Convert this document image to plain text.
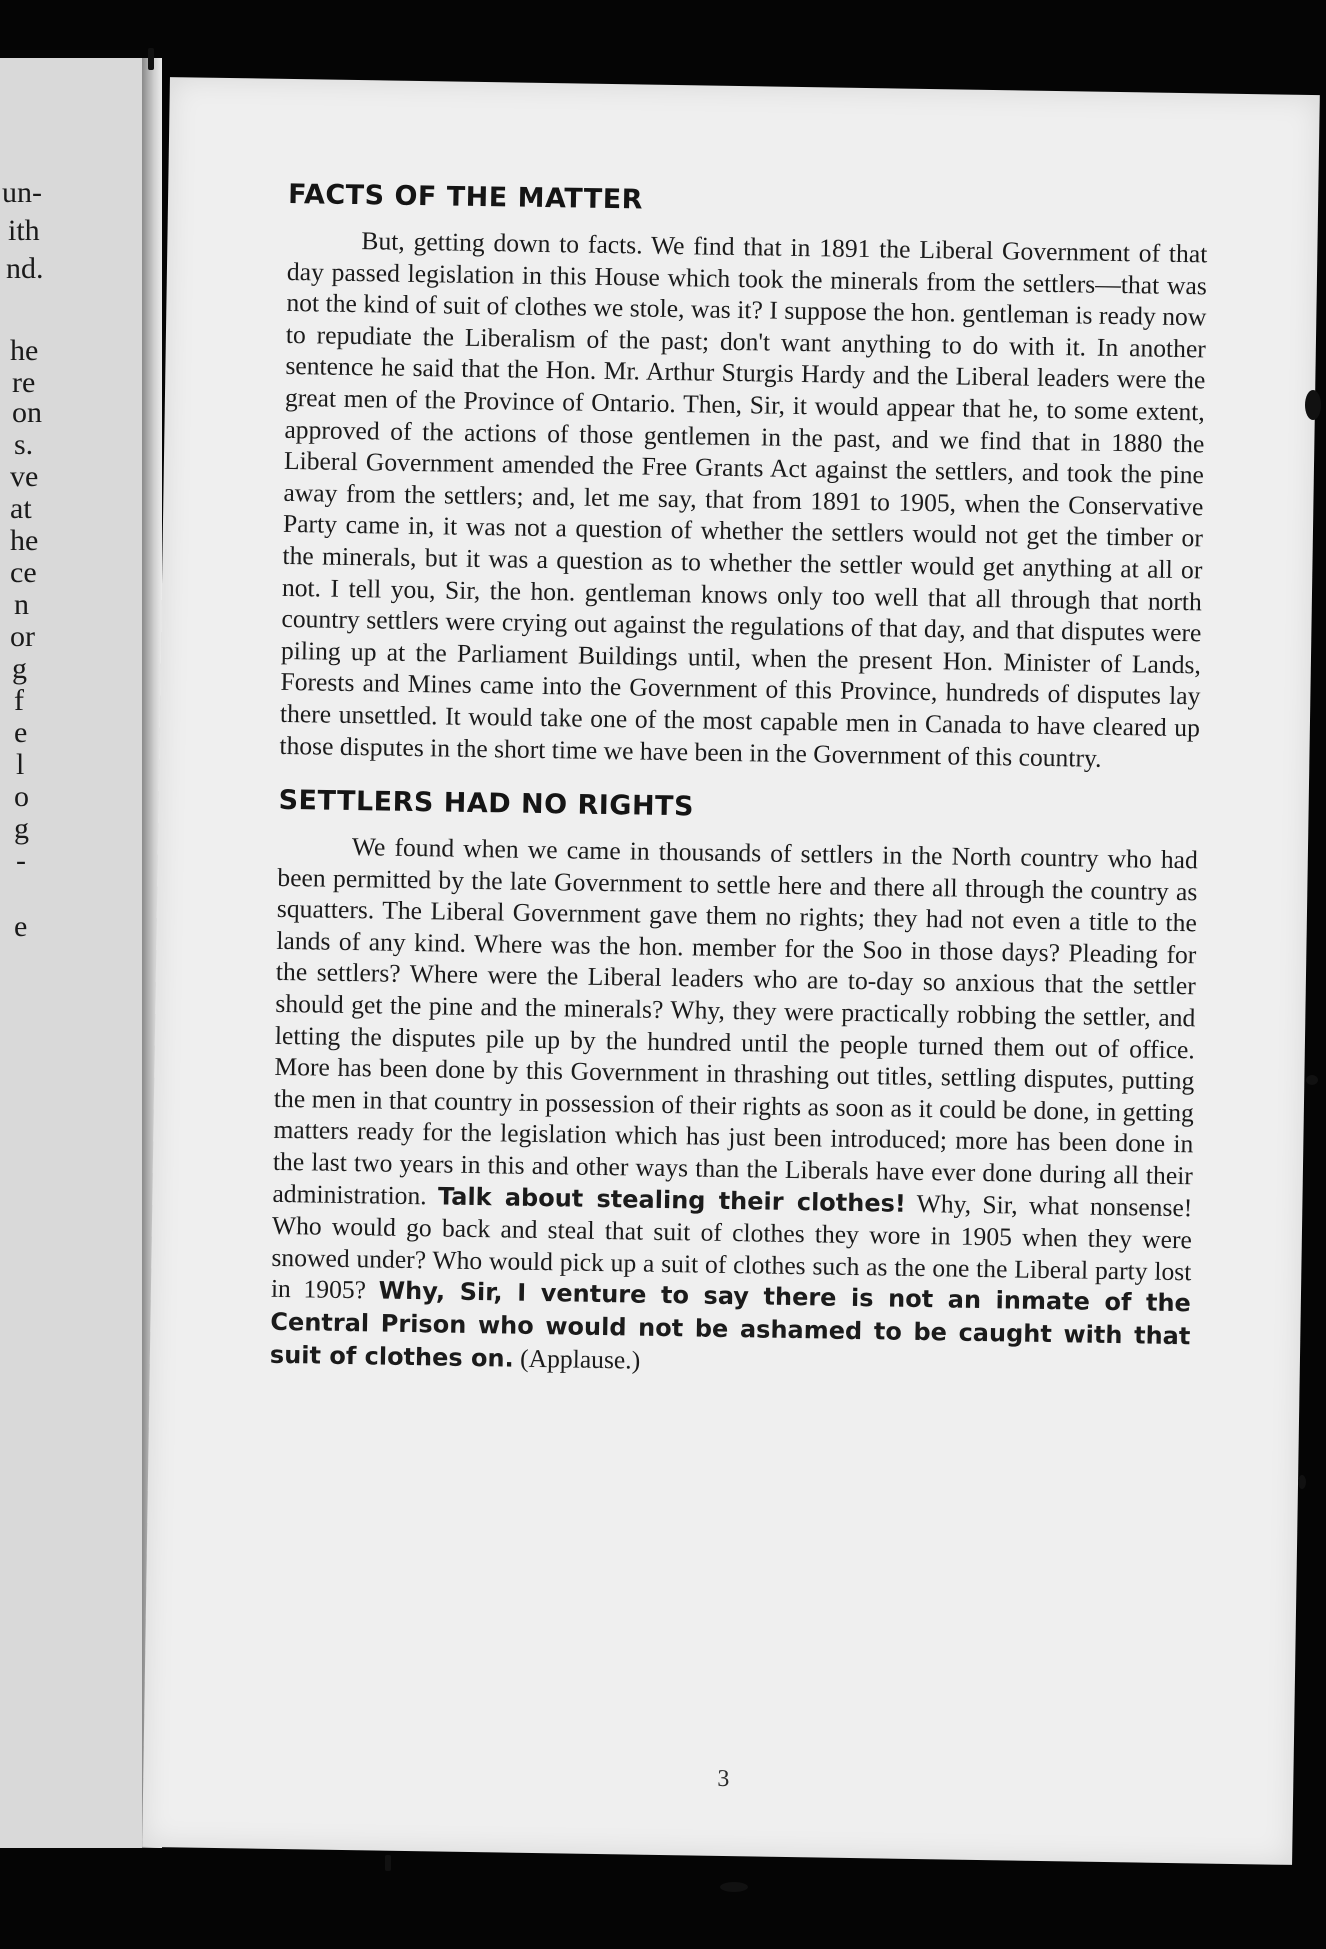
un-
ith
nd.
he
re
on
s.
ve
at
he
ce
n
or
g
f
e
l
o
g
-
e
FACTS OF THE MATTER

But, getting down to facts. We find that in 1891 the Liberal Government of that day passed legislation in this House which took the minerals from the settlers—that was not the kind of suit of clothes we stole, was it? I suppose the hon. gentleman is ready now to repudiate the Liberalism of the past; don't want anything to do with it. In another sentence he said that the Hon. Mr. Arthur Sturgis Hardy and the Liberal leaders were the great men of the Province of Ontario. Then, Sir, it would appear that he, to some extent, approved of the actions of those gentlemen in the past, and we find that in 1880 the Liberal Government amended the Free Grants Act against the settlers, and took the pine away from the settlers; and, let me say, that from 1891 to 1905, when the Conservative Party came in, it was not a question of whether the settlers would not get the timber or the minerals, but it was a question as to whether the settler would get anything at all or not. I tell you, Sir, the hon. gentleman knows only too well that all through that north country settlers were crying out against the regulations of that day, and that disputes were piling up at the Parliament Buildings until, when the present Hon. Minister of Lands, Forests and Mines came into the Government of this Province, hundreds of disputes lay there unsettled. It would take one of the most capable men in Canada to have cleared up those disputes in the short time we have been in the Government of this country.

SETTLERS HAD NO RIGHTS

We found when we came in thousands of settlers in the North country who had been permitted by the late Government to settle here and there all through the country as squatters. The Liberal Government gave them no rights; they had not even a title to the lands of any kind. Where was the hon. member for the Soo in those days? Pleading for the settlers? Where were the Liberal leaders who are to-day so anxious that the settler should get the pine and the minerals? Why, they were practically robbing the settler, and letting the disputes pile up by the hundred until the people turned them out of office. More has been done by this Government in thrashing out titles, settling disputes, putting the men in that country in possession of their rights as soon as it could be done, in getting matters ready for the legislation which has just been introduced; more has been done in the last two years in this and other ways than the Liberals have ever done during all their administration. Talk about stealing their clothes! Why, Sir, what nonsense! Who would go back and steal that suit of clothes they wore in 1905 when they were snowed under? Who would pick up a suit of clothes such as the one the Liberal party lost in 1905? Why, Sir, I venture to say there is not an inmate of the Central Prison who would not be ashamed to be caught with that suit of clothes on. (Applause.)

3
